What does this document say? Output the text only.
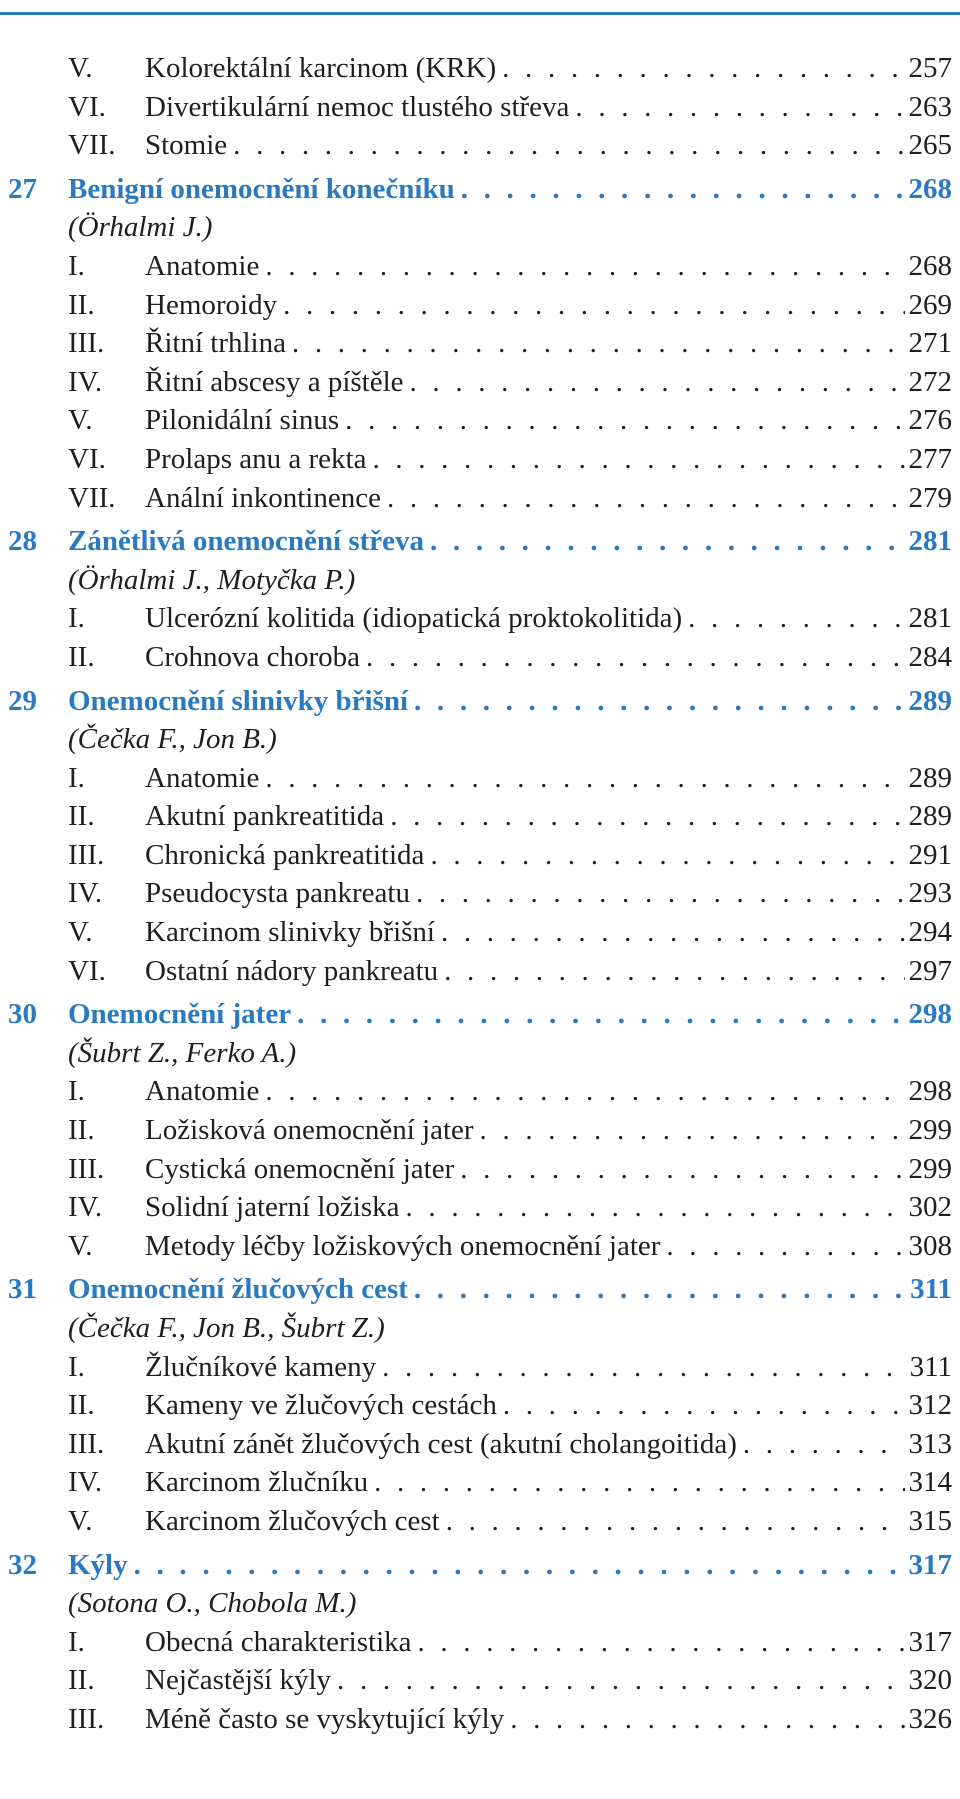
V.	Kolorektální karcinom (KRK) . . .	257
VI.	Divertikulární nemoc tlustého střeva . . .	263
VII.	Stomie . . .	265
27	Benigní onemocnění konečníku . . .	268
(Örhalmi J.)
I.	Anatomie . . .	268
II.	Hemoroidy . . .	269
III.	Řitní trhlina . . .	271
IV.	Řitní abscesy a píštěle . . .	272
V.	Pilonidální sinus . . .	276
VI.	Prolaps anu a rekta . . .	277
VII.	Anální inkontinence . . .	279
28	Zánětlivá onemocnění střeva . . .	281
(Örhalmi J., Motyčka P.)
I.	Ulcerózní kolitida (idiopatická proktokolitida) . . .	281
II.	Crohnova choroba . . .	284
29	Onemocnění slinivky břišní . . .	289
(Čečka F., Jon B.)
I.	Anatomie . . .	289
II.	Akutní pankreatitida . . .	289
III.	Chronická pankreatitida . . .	291
IV.	Pseudocysta pankreatu . . .	293
V.	Karcinom slinivky břišní . . .	294
VI.	Ostatní nádory pankreatu . . .	297
30	Onemocnění jater . . .	298
(Šubrt Z., Ferko A.)
I.	Anatomie . . .	298
II.	Ložisková onemocnění jater . . .	299
III.	Cystická onemocnění jater . . .	299
IV.	Solidní jaterní ložiska . . .	302
V.	Metody léčby ložiskových onemocnění jater . . .	308
31	Onemocnění žlučových cest . . .	311
(Čečka F., Jon B., Šubrt Z.)
I.	Žlučníkové kameny . . .	311
II.	Kameny ve žlučových cestách . . .	312
III.	Akutní zánět žlučových cest (akutní cholangoitida) . . .	313
IV.	Karcinom žlučníku . . .	314
V.	Karcinom žlučových cest . . .	315
32	Kýly . . .	317
(Sotona O., Chobola M.)
I.	Obecná charakteristika . . .	317
II.	Nejčastější kýly . . .	320
III.	Méně často se vyskytující kýly . . .	326
